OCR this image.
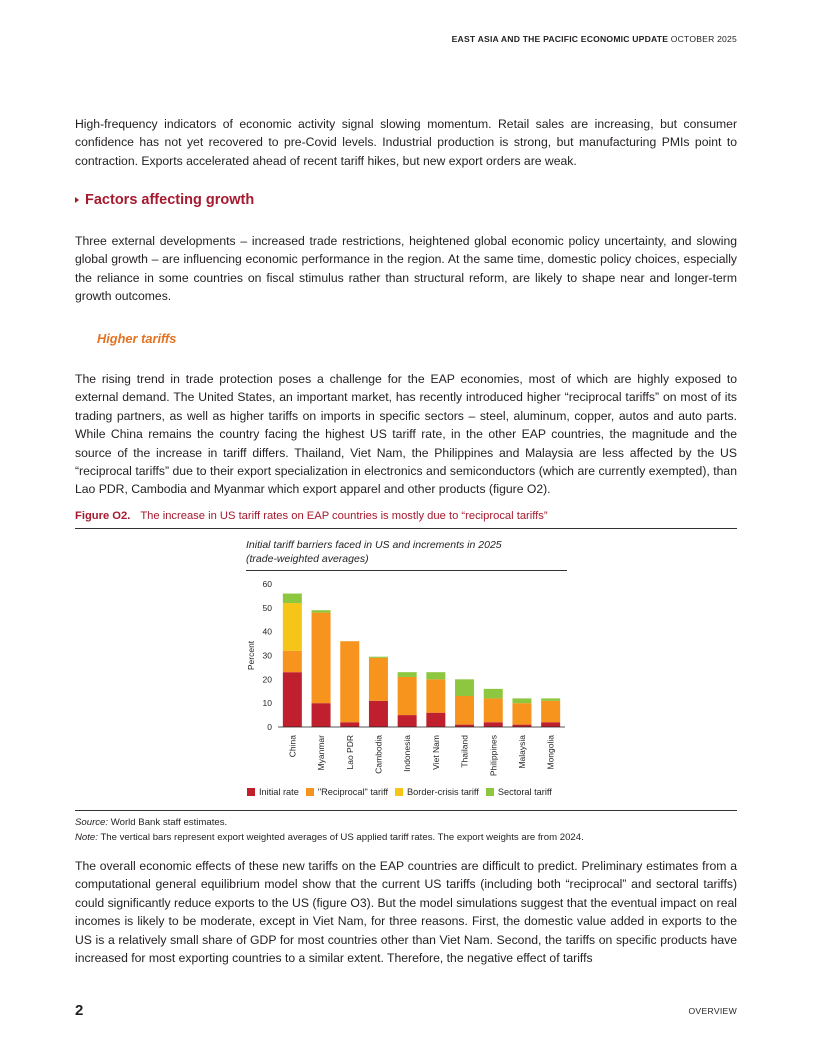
EAST ASIA AND THE PACIFIC ECONOMIC UPDATE OCTOBER 2025

High-frequency indicators of economic activity signal slowing momentum. Retail sales are increasing, but consumer confidence has not yet recovered to pre-Covid levels. Industrial production is strong, but manufacturing PMIs point to contraction. Exports accelerated ahead of recent tariff hikes, but new export orders are weak.

Factors affecting growth

Three external developments – increased trade restrictions, heightened global economic policy uncertainty, and slowing global growth – are influencing economic performance in the region. At the same time, domestic policy choices, especially the reliance in some countries on fiscal stimulus rather than structural reform, are likely to shape near and longer-term growth outcomes.

Higher tariffs

The rising trend in trade protection poses a challenge for the EAP economies, most of which are highly exposed to external demand. The United States, an important market, has recently introduced higher “reciprocal tariffs” on most of its trading partners, as well as higher tariffs on imports in specific sectors – steel, aluminum, copper, autos and auto parts. While China remains the country facing the highest US tariff rate, in the other EAP countries, the magnitude and the source of the increase in tariff differs. Thailand, Viet Nam, the Philippines and Malaysia are less affected by the US “reciprocal tariffs” due to their export specialization in electronics and semiconductors (which are currently exempted), than Lao PDR, Cambodia and Myanmar which export apparel and other products (figure O2).

Figure O2. The increase in US tariff rates on EAP countries is mostly due to “reciprocal tariffs”
Initial tariff barriers faced in US and increments in 2025
(trade-weighted averages)
0
10
20
30
40
50
60
Percent
China Myanmar Lao PDR Cambodia Indonesia Viet Nam Thailand Philippines Malaysia Mongolia
Initial rate "Reciprocal" tariff Border-crisis tariff Sectoral tariff
Source: World Bank staff estimates.
Note: The vertical bars represent export weighted averages of US applied tariff rates. The export weights are from 2024.

The overall economic effects of these new tariffs on the EAP countries are difficult to predict. Preliminary estimates from a computational general equilibrium model show that the current US tariffs (including both “reciprocal” and sectoral tariffs) could significantly reduce exports to the US (figure O3). But the model simulations suggest that the eventual impact on real incomes is likely to be moderate, except in Viet Nam, for three reasons. First, the domestic value added in exports to the US is a relatively small share of GDP for most countries other than Viet Nam. Second, the tariffs on specific products have increased for most exporting countries to a similar extent. Therefore, the negative effect of tariffs

2	OVERVIEW
